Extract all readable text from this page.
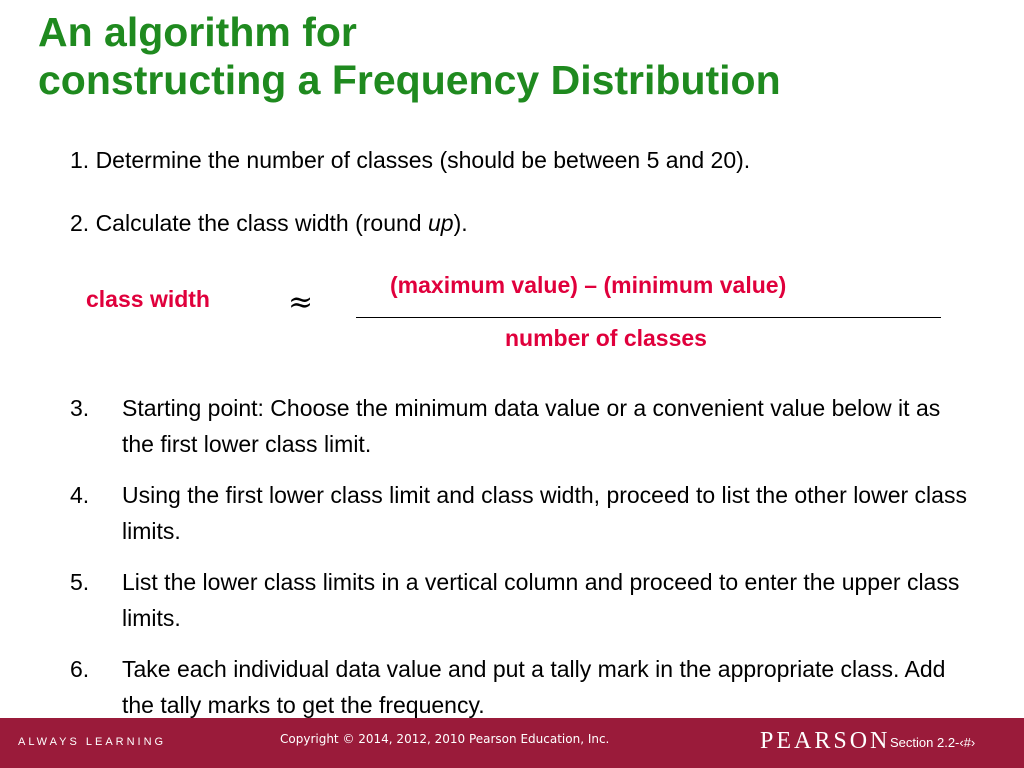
An algorithm for
constructing a Frequency Distribution
1. Determine the number of classes (should be between 5 and 20).
2. Calculate the class width (round up).
class width	≈	(maximum value) – (minimum value)
number of classes
3. Starting point: Choose the minimum data value or a convenient value below it as the first lower class limit.
4. Using the first lower class limit and class width, proceed to list the other lower class limits.
5. List the lower class limits in a vertical column and proceed to enter the upper class limits.
6. Take each individual data value and put a tally mark in the appropriate class. Add the tally marks to get the frequency.
ALWAYS LEARNING	Copyright © 2014, 2012, 2010 Pearson Education, Inc.	PEARSON Section 2.2-‹#›
